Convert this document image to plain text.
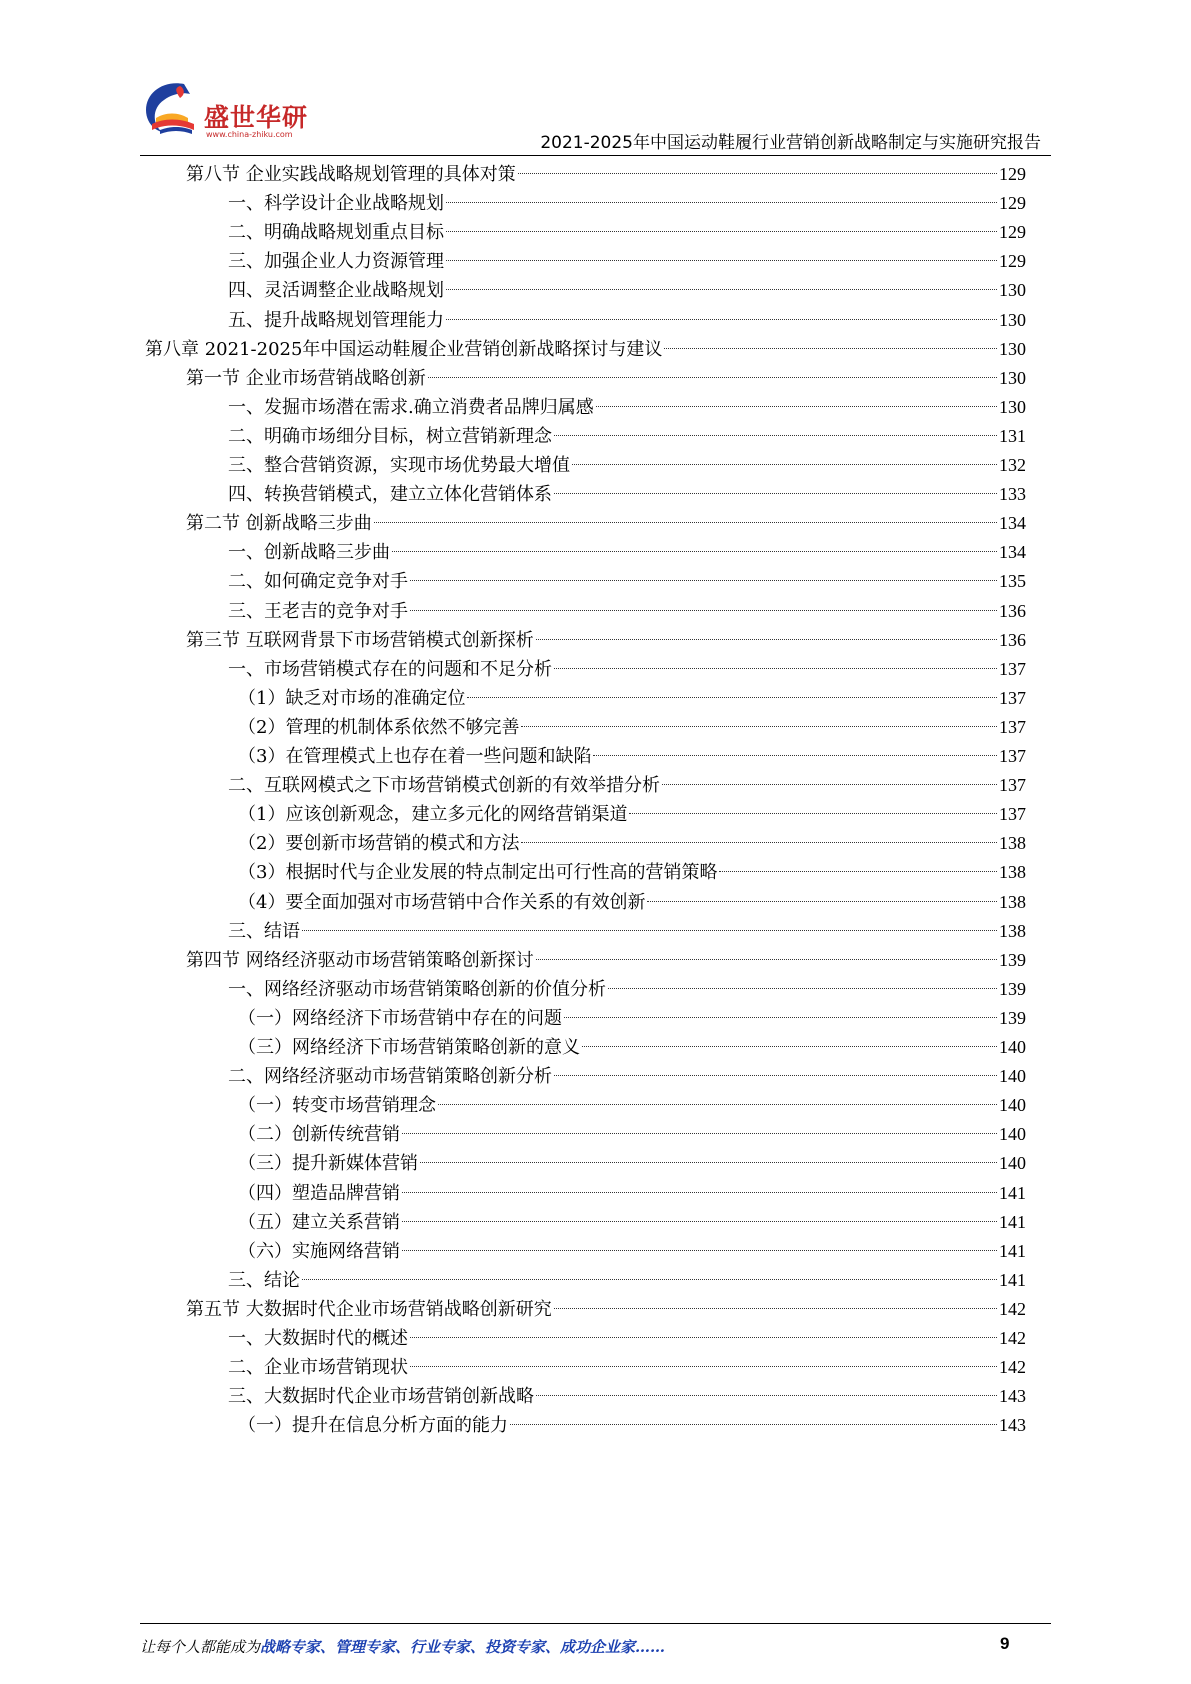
盛世华研
www.china-zhiku.com	2021-2025年中国运动鞋履行业营销创新战略制定与实施研究报告
第八节 企业实践战略规划管理的具体对策	129
一、科学设计企业战略规划	129
二、明确战略规划重点目标	129
三、加强企业人力资源管理	129
四、灵活调整企业战略规划	130
五、提升战略规划管理能力	130
第八章 2021-2025年中国运动鞋履企业营销创新战略探讨与建议	130
第一节 企业市场营销战略创新	130
一、发掘市场潜在需求.确立消费者品牌归属感	130
二、明确市场细分目标，树立营销新理念	131
三、整合营销资源，实现市场优势最大增值	132
四、转换营销模式，建立立体化营销体系	133
第二节 创新战略三步曲	134
一、创新战略三步曲	134
二、如何确定竞争对手	135
三、王老吉的竞争对手	136
第三节 互联网背景下市场营销模式创新探析	136
一、市场营销模式存在的问题和不足分析	137
（1）缺乏对市场的准确定位	137
（2）管理的机制体系依然不够完善	137
（3）在管理模式上也存在着一些问题和缺陷	137
二、互联网模式之下市场营销模式创新的有效举措分析	137
（1）应该创新观念，建立多元化的网络营销渠道	137
（2）要创新市场营销的模式和方法	138
（3）根据时代与企业发展的特点制定出可行性高的营销策略	138
（4）要全面加强对市场营销中合作关系的有效创新	138
三、结语	138
第四节 网络经济驱动市场营销策略创新探讨	139
一、网络经济驱动市场营销策略创新的价值分析	139
（一）网络经济下市场营销中存在的问题	139
（三）网络经济下市场营销策略创新的意义	140
二、网络经济驱动市场营销策略创新分析	140
（一）转变市场营销理念	140
（二）创新传统营销	140
（三）提升新媒体营销	140
（四）塑造品牌营销	141
（五）建立关系营销	141
（六）实施网络营销	141
三、结论	141
第五节 大数据时代企业市场营销战略创新研究	142
一、大数据时代的概述	142
二、企业市场营销现状	142
三、大数据时代企业市场营销创新战略	143
（一）提升在信息分析方面的能力	143
让每个人都能成为战略专家、管理专家、行业专家、投资专家、成功企业家……	9
